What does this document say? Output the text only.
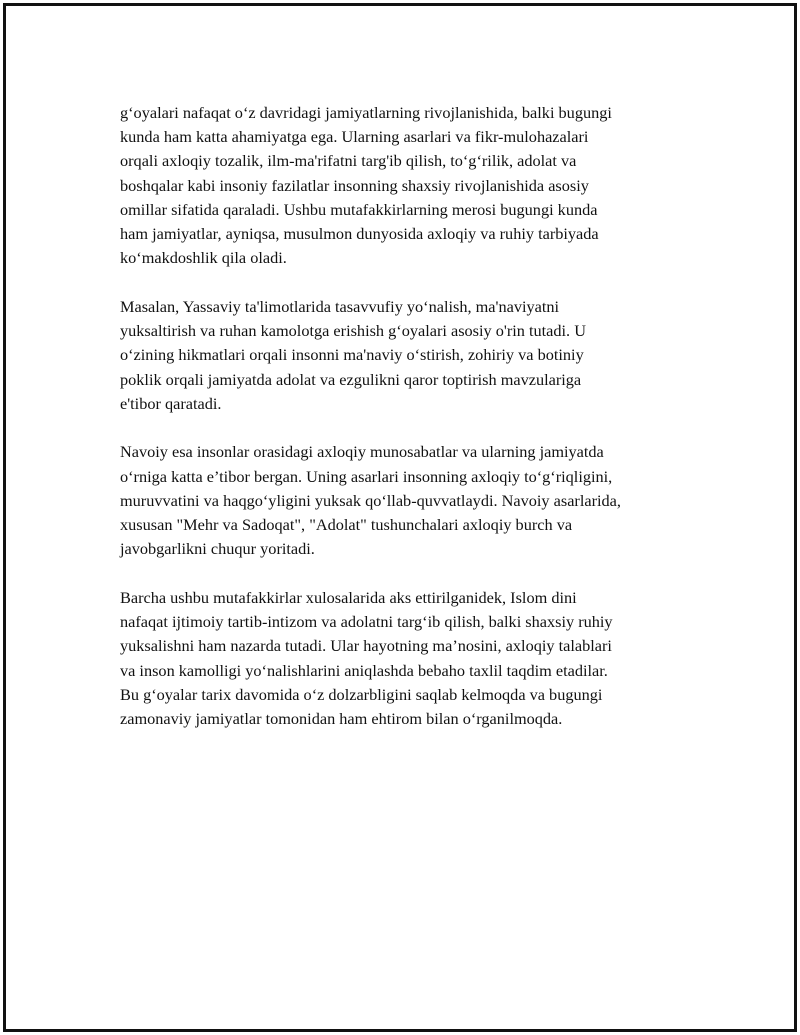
g‘oyalari nafaqat o‘z davridagi jamiyatlarning rivojlanishida, balki bugungi
kunda ham katta ahamiyatga ega. Ularning asarlari va fikr-mulohazalari
orqali axloqiy tozalik, ilm-ma'rifatni targ'ib qilish, to‘g‘rilik, adolat va
boshqalar kabi insoniy fazilatlar insonning shaxsiy rivojlanishida asosiy
omillar sifatida qaraladi. Ushbu mutafakkirlarning merosi bugungi kunda
ham jamiyatlar, ayniqsa, musulmon dunyosida axloqiy va ruhiy tarbiyada
ko‘makdoshlik qila oladi.

Masalan, Yassaviy ta'limotlarida tasavvufiy yo‘nalish, ma'naviyatni
yuksaltirish va ruhan kamolotga erishish g‘oyalari asosiy o'rin tutadi. U
o‘zining hikmatlari orqali insonni ma'naviy o‘stirish, zohiriy va botiniy
poklik orqali jamiyatda adolat va ezgulikni qaror toptirish mavzulariga
e'tibor qaratadi.

Navoiy esa insonlar orasidagi axloqiy munosabatlar va ularning jamiyatda
o‘rniga katta e’tibor bergan. Uning asarlari insonning axloqiy to‘g‘riqligini,
muruvvatini va haqgo‘yligini yuksak qo‘llab-quvvatlaydi. Navoiy asarlarida,
xususan "Mehr va Sadoqat", "Adolat" tushunchalari axloqiy burch va
javobgarlikni chuqur yoritadi.

Barcha ushbu mutafakkirlar xulosalarida aks ettirilganidek, Islom dini
nafaqat ijtimoiy tartib-intizom va adolatni targ‘ib qilish, balki shaxsiy ruhiy
yuksalishni ham nazarda tutadi. Ular hayotning ma’nosini, axloqiy talablari
va inson kamolligi yo‘nalishlarini aniqlashda bebaho taxlil taqdim etadilar.
Bu g‘oyalar tarix davomida o‘z dolzarbligini saqlab kelmoqda va bugungi
zamonaviy jamiyatlar tomonidan ham ehtirom bilan o‘rganilmoqda.
